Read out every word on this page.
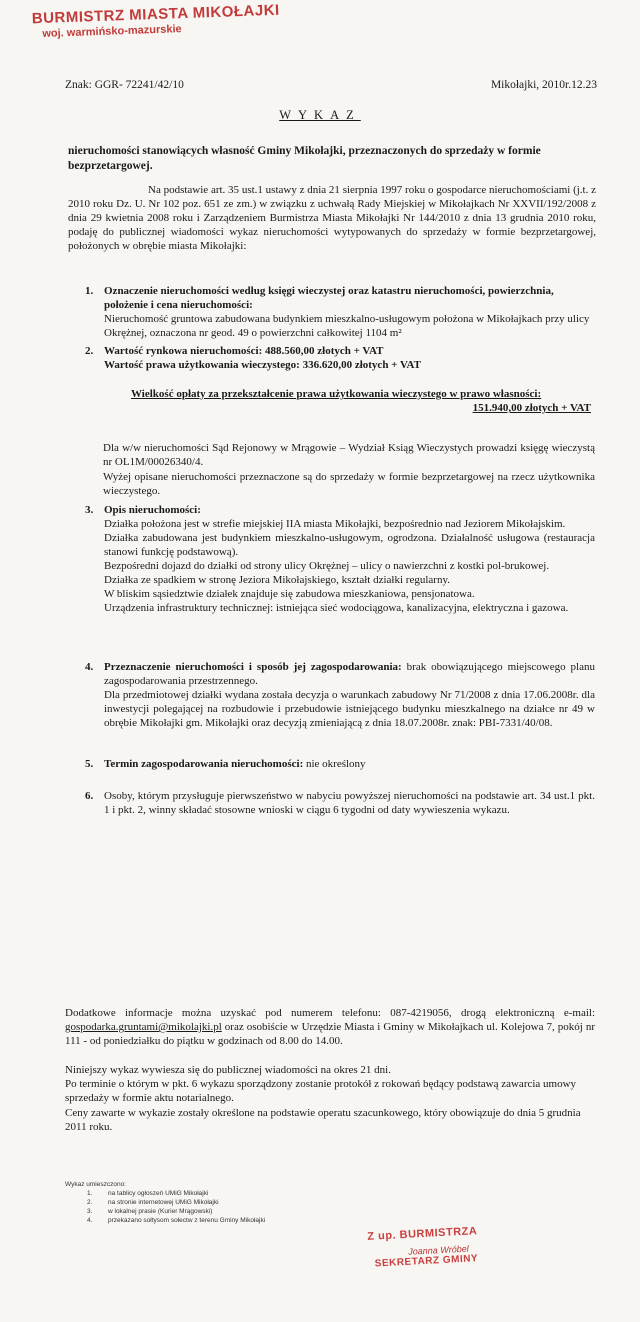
BURMISTRZ MIASTA MIKOŁAJKI
woj. warmińsko-mazurskie
Znak: GGR- 72241/42/10	Mikołajki, 2010r.12.23
WYKAZ
nieruchomości stanowiących własność Gminy Mikołajki, przeznaczonych do sprzedaży w formie bezprzetargowej.
Na podstawie art. 35 ust.1 ustawy z dnia 21 sierpnia 1997 roku o gospodarce nieruchomościami (j.t. z 2010 roku Dz. U. Nr 102 poz. 651 ze zm.) w związku z uchwałą Rady Miejskiej w Mikołajkach Nr XXVII/192/2008 z dnia 29 kwietnia 2008 roku i Zarządzeniem Burmistrza Miasta Mikołajki Nr 144/2010 z dnia 13 grudnia 2010 roku, podaję do publicznej wiadomości wykaz nieruchomości wytypowanych do sprzedaży w formie bezprzetargowej, położonych w obrębie miasta Mikołajki:
1. Oznaczenie nieruchomości według księgi wieczystej oraz katastru nieruchomości, powierzchnia, położenie i cena nieruchomości:

Nieruchomość gruntowa zabudowana budynkiem mieszkalno-usługowym położona w Mikołajkach przy ulicy Okrężnej, oznaczona nr geod. 49 o powierzchni całkowitej 1104 m²

2. Wartość rynkowa nieruchomości: 488.560,00 złotych + VAT

Wartość prawa użytkowania wieczystego: 336.620,00 złotych + VAT

Wielkość opłaty za przekształcenie prawa użytkowania wieczystego w prawo własności:
151.940,00 złotych + VAT
Dla w/w nieruchomości Sąd Rejonowy w Mrągowie – Wydział Ksiąg Wieczystych prowadzi księgę wieczystą nr OL1M/00026340/4.
Wyżej opisane nieruchomości przeznaczone są do sprzedaży w formie bezprzetargowej na rzecz użytkownika wieczystego.
3. Opis nieruchomości:

Działka położona jest w strefie miejskiej IIA miasta Mikołajki, bezpośrednio nad Jeziorem Mikołajskim.

Działka zabudowana jest budynkiem mieszkalno-usługowym, ogrodzona. Działalność usługowa (restauracja stanowi funkcję podstawową).

Bezpośredni dojazd do działki od strony ulicy Okrężnej – ulicy o nawierzchni z kostki pol-brukowej.

Działka ze spadkiem w stronę Jeziora Mikołajskiego, kształt działki regularny.

W bliskim sąsiedztwie działek znajduje się zabudowa mieszkaniowa, pensjonatowa.

Urządzenia infrastruktury technicznej: istniejąca sieć wodociągowa, kanalizacyjna, elektryczna i gazowa.

4. Przeznaczenie nieruchomości i sposób jej zagospodarowania: brak obowiązującego miejscowego planu zagospodarowania przestrzennego.

Dla przedmiotowej działki wydana została decyzja o warunkach zabudowy Nr 71/2008 z dnia 17.06.2008r. dla inwestycji polegającej na rozbudowie i przebudowie istniejącego budynku mieszkalnego na działce nr 49 w obrębie Mikołajki gm. Mikołajki oraz decyzją zmieniającą z dnia 18.07.2008r. znak: PBI-7331/40/08.

5. Termin zagospodarowania nieruchomości: nie określony

6. Osoby, którym przysługuje pierwszeństwo w nabyciu powyższej nieruchomości na podstawie art. 34 ust.1 pkt. 1 i pkt. 2, winny składać stosowne wnioski w ciągu 6 tygodni od daty wywieszenia wykazu.

Dodatkowe informacje można uzyskać pod numerem telefonu: 087-4219056, drogą elektroniczną e-mail: gospodarka.gruntami@mikolajki.pl oraz osobiście w Urzędzie Miasta i Gminy w Mikołajkach ul. Kolejowa 7, pokój nr 111 - od poniedziałku do piątku w godzinach od 8.00 do 14.00.
Niniejszy wykaz wywiesza się do publicznej wiadomości na okres 21 dni.
Po terminie o którym w pkt. 6 wykazu sporządzony zostanie protokół z rokowań będący podstawą zawarcia umowy sprzedaży w formie aktu notarialnego.
Ceny zawarte w wykazie zostały określone na podstawie operatu szacunkowego, który obowiązuje do dnia 5 grudnia 2011 roku.
Wykaz umieszczono:
1. na tablicy ogłoszeń UMiG Mikołajki
2. na stronie internetowej UMiG Mikołajki
3. w lokalnej prasie (Kurier Mrągowski)
4. przekazano sołtysom sołectw z terenu Gminy Mikołajki
Z up. BURMISTRZA
Joanna Wróbel
SEKRETARZ GMINY
